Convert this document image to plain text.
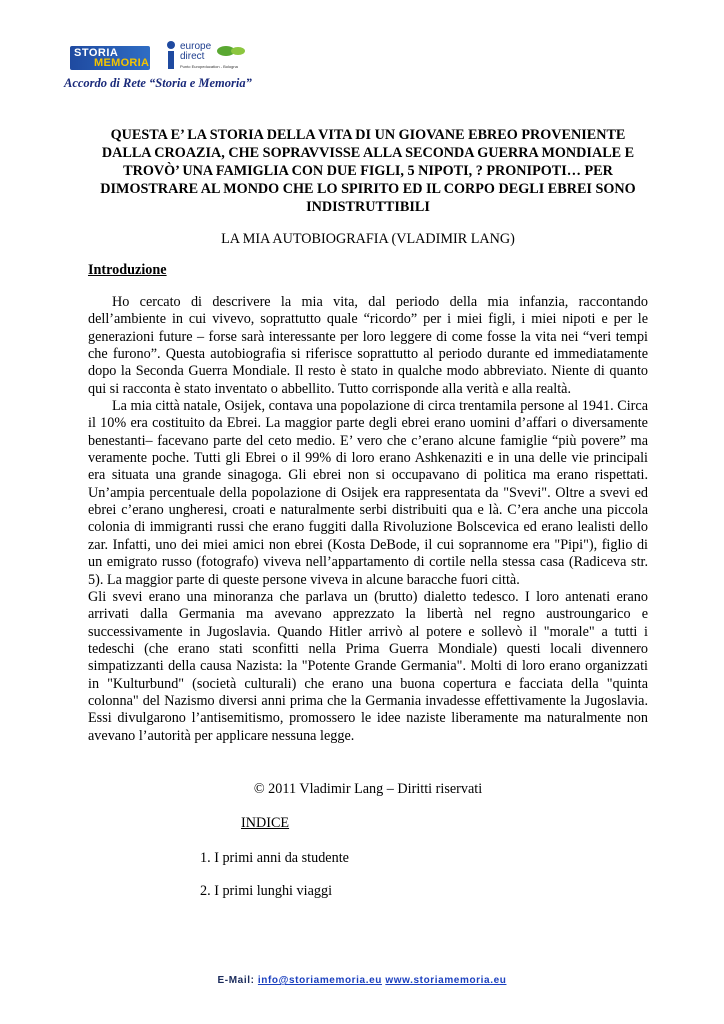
STORIA
MEMORIA
europe
direct
Punto Europeducation - Bologna
Accordo di Rete “Storia e Memoria”
QUESTA E’ LA STORIA DELLA VITA DI UN GIOVANE EBREO PROVENIENTE DALLA CROAZIA, CHE SOPRAVVISSE ALLA SECONDA GUERRA MONDIALE E TROVÒ’ UNA FAMIGLIA CON DUE FIGLI, 5 NIPOTI, ? PRONIPOTI… PER DIMOSTRARE AL MONDO CHE LO SPIRITO ED IL CORPO DEGLI EBREI SONO INDISTRUTTIBILI
LA MIA AUTOBIOGRAFIA (VLADIMIR LANG)
Introduzione

Ho cercato di descrivere la mia vita, dal periodo della mia infanzia, raccontando dell’ambiente in cui vivevo, soprattutto quale “ricordo” per i miei figli, i miei nipoti e per le generazioni future – forse sarà interessante per loro leggere di come fosse la vita nei “veri tempi che furono”. Questa autobiografia si riferisce soprattutto al periodo durante ed immediatamente dopo la Seconda Guerra Mondiale. Il resto è stato in qualche modo abbreviato. Niente di quanto qui si racconta è stato inventato o abbellito. Tutto corrisponde alla verità e alla realtà.

La mia città natale, Osijek, contava una popolazione di circa trentamila persone al 1941. Circa il 10% era costituito da Ebrei. La maggior parte degli ebrei erano uomini d’affari o diversamente benestanti– facevano parte del ceto medio. E’ vero che c’erano alcune famiglie “più povere” ma veramente poche. Tutti gli Ebrei o il 99% di loro erano Ashkenaziti e in una delle vie principali era situata una grande sinagoga. Gli ebrei non si occupavano di politica ma erano rispettati. Un’ampia percentuale della popolazione di Osijek era rappresentata da "Svevi". Oltre a svevi ed ebrei c’erano ungheresi, croati e naturalmente serbi distribuiti qua e là. C’era anche una piccola colonia di immigranti russi che erano fuggiti dalla Rivoluzione Bolscevica ed erano lealisti dello zar. Infatti, uno dei miei amici non ebrei (Kosta DeBode, il cui soprannome era "Pipi"), figlio di un emigrato russo (fotografo) viveva nell’appartamento di cortile nella stessa casa (Radiceva str. 5). La maggior parte di queste persone viveva in alcune baracche fuori città.

Gli svevi erano una minoranza che parlava un (brutto) dialetto tedesco. I loro antenati erano arrivati dalla Germania ma avevano apprezzato la libertà nel regno austroungarico e successivamente in Jugoslavia. Quando Hitler arrivò al potere e sollevò il "morale" a tutti i tedeschi (che erano stati sconfitti nella Prima Guerra Mondiale) questi locali divennero simpatizzanti della causa Nazista: la "Potente Grande Germania". Molti di loro erano organizzati in "Kulturbund" (società culturali) che erano una buona copertura e facciata della "quinta colonna" del Nazismo diversi anni prima che la Germania invadesse effettivamente la Jugoslavia. Essi divulgarono l’antisemitismo, promossero le idee naziste liberamente ma naturalmente non avevano l’autorità per applicare nessuna legge.

© 2011 Vladimir Lang – Diritti riservati
INDICE
1. I primi anni da studente
2. I primi lunghi viaggi
E-Mail: info@storiamemoria.eu www.storiamemoria.eu
